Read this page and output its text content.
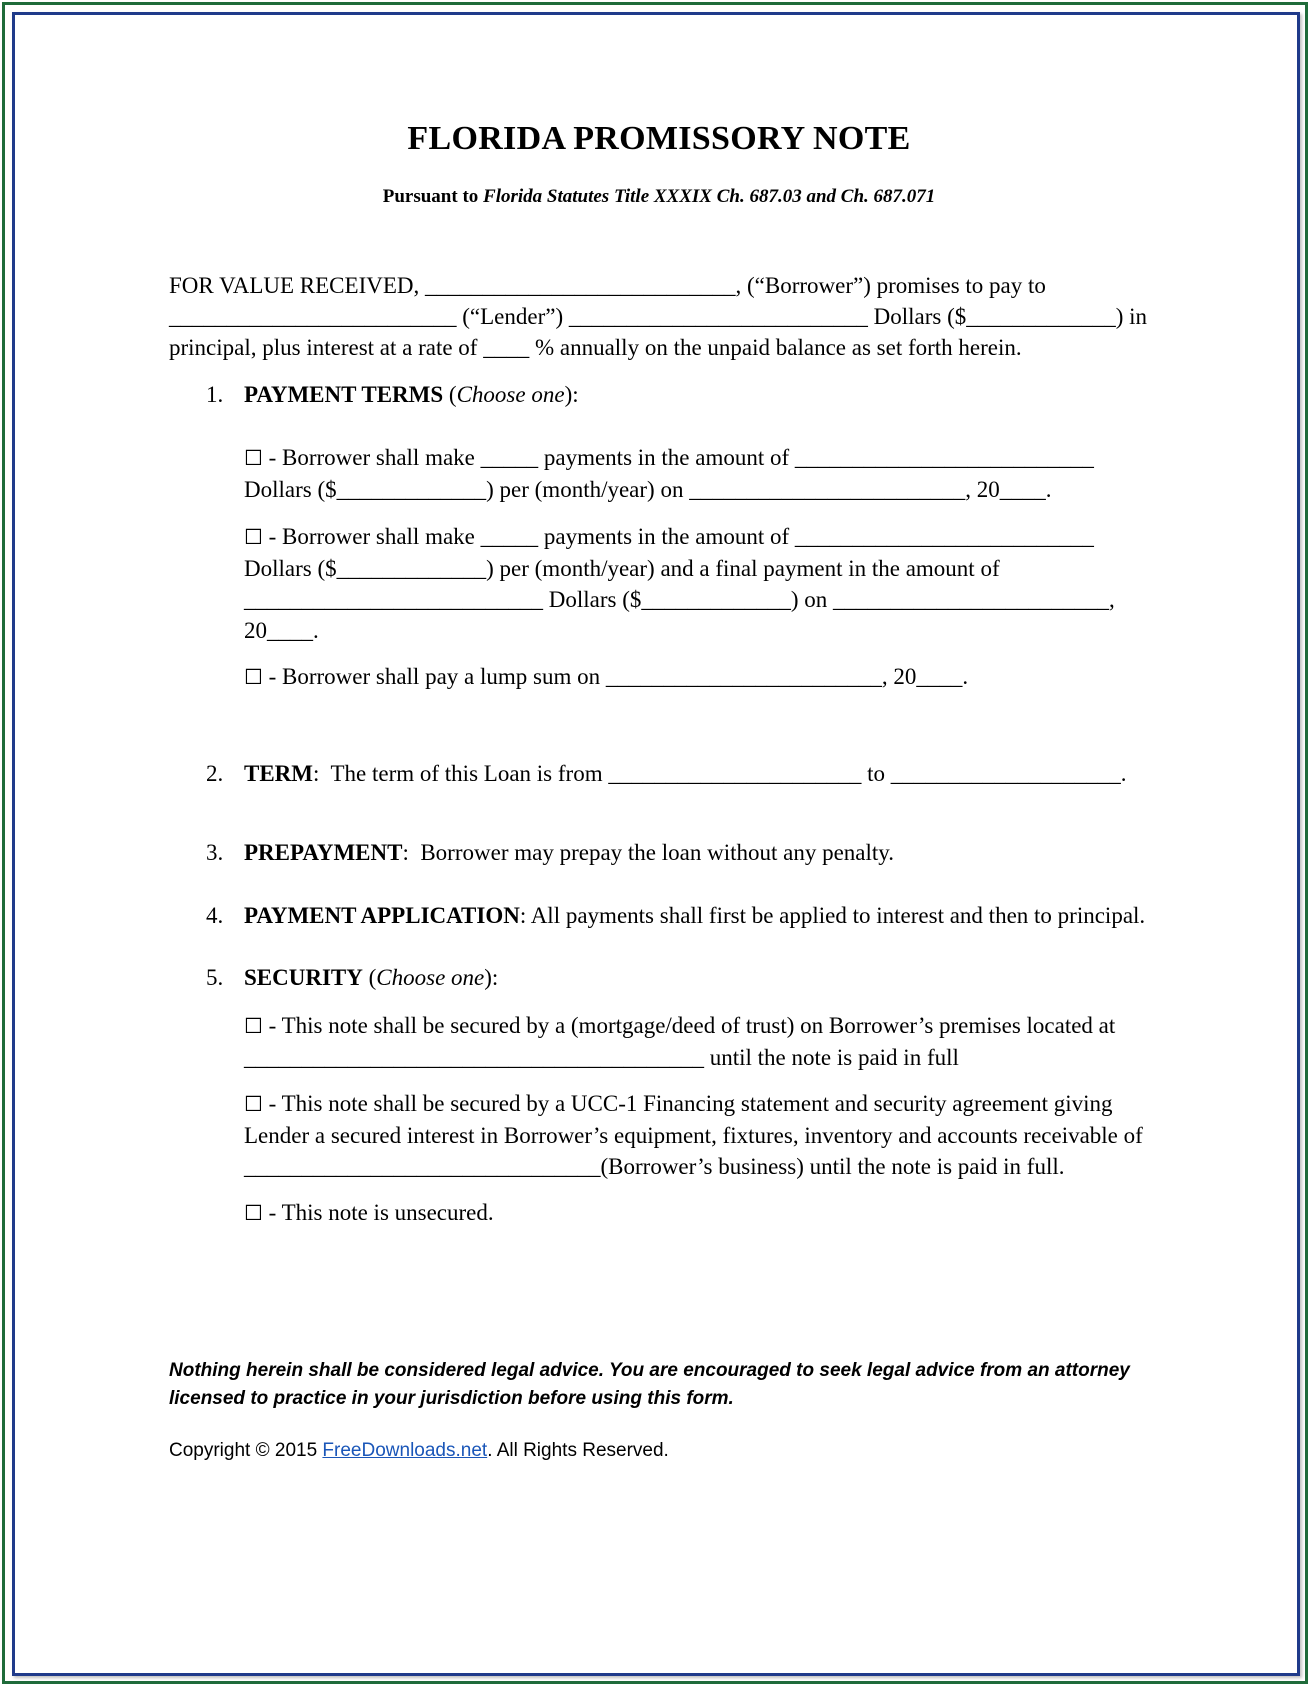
FLORIDA PROMISSORY NOTE
Pursuant to Florida Statutes Title XXXIX Ch. 687.03 and Ch. 687.071
FOR VALUE RECEIVED, ___________________________, (“Borrower”) promises to pay to _________________________ (“Lender”) __________________________ Dollars ($_____________) in principal, plus interest at a rate of ____ % annually on the unpaid balance as set forth herein.
1. PAYMENT TERMS (Choose one):
☐ - Borrower shall make _____ payments in the amount of __________________________ Dollars ($_____________) per (month/year) on ________________________, 20____.
☐ - Borrower shall make _____ payments in the amount of __________________________ Dollars ($_____________) per (month/year) and a final payment in the amount of __________________________ Dollars ($_____________) on ________________________, 20____.
☐ - Borrower shall pay a lump sum on ________________________, 20____.
2. TERM:  The term of this Loan is from ______________________ to ____________________.
3. PREPAYMENT:  Borrower may prepay the loan without any penalty.
4. PAYMENT APPLICATION: All payments shall first be applied to interest and then to principal.
5. SECURITY (Choose one):
☐ - This note shall be secured by a (mortgage/deed of trust) on Borrower’s premises located at ________________________________________ until the note is paid in full
☐ - This note shall be secured by a UCC-1 Financing statement and security agreement giving Lender a secured interest in Borrower’s equipment, fixtures, inventory and accounts receivable of _______________________________(Borrower’s business) until the note is paid in full.
☐ - This note is unsecured.
Nothing herein shall be considered legal advice. You are encouraged to seek legal advice from an attorney licensed to practice in your jurisdiction before using this form.
Copyright © 2015 FreeDownloads.net. All Rights Reserved.
